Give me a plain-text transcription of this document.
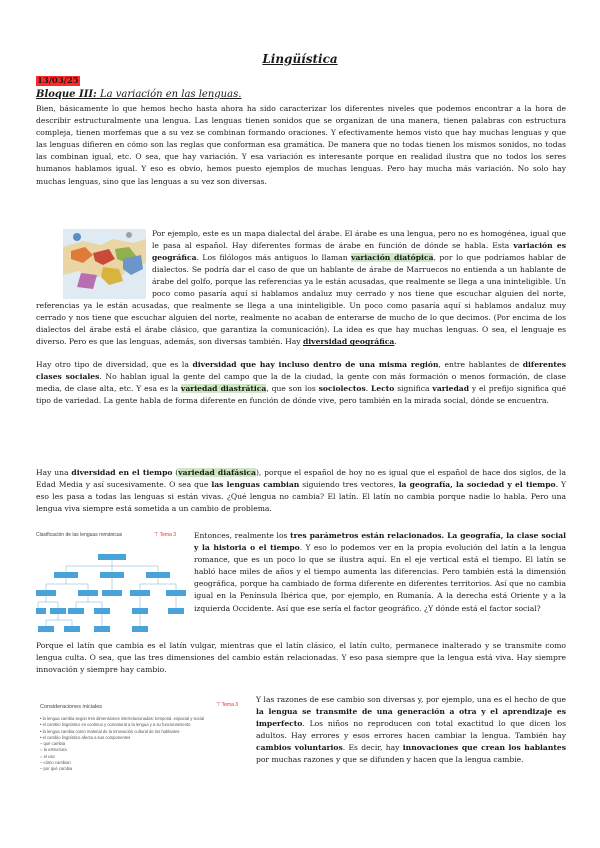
Lingüística
13/03/25
Bloque III: La variación en las lenguas.

Bien, básicamente lo que hemos hecho hasta ahora ha sido caracterizar los diferentes niveles que podemos encontrar a la hora de describir estructuralmente una lengua. Las lenguas tienen sonidos que se organizan de una manera, tienen palabras con estructura compleja, tienen morfemas que a su vez se combinan formando oraciones. Y efectivamente hemos visto que hay muchas lenguas y que las lenguas difieren en cómo son las reglas que conforman esa gramática. De manera que no todas tienen los mismos sonidos, no todas las combinan igual, etc. O sea, que hay variación. Y esa variación es interesante porque en realidad ilustra que no todos los seres humanos hablamos igual. Y eso es obvio, hemos puesto ejemplos de muchas lenguas. Pero hay mucha más variación. No solo hay muchas lenguas, sino que las lenguas a su vez son diversas.

Por ejemplo, este es un mapa dialectal del árabe. El árabe es una lengua, pero no es homogénea, igual que le pasa al español. Hay diferentes formas de árabe en función de dónde se habla. Esta variación es geográfica. Los filólogos más antiguos lo llaman variación diatópica, por lo que podríamos hablar de dialectos. Se podría dar el caso de que un hablante de árabe de Marruecos no entienda a un hablante de árabe del golfo, porque las referencias ya le están acusadas, que realmente se llega a una ininteligible. Un poco como pasaría aquí si hablamos andaluz muy cerrado y nos tiene que escuchar alguien del norte,

referencias ya le están acusadas, que realmente se llega a una ininteligible. Un poco como pasaría aquí si hablamos andaluz muy cerrado y nos tiene que escuchar alguien del norte, realmente no acaban de enterarse de mucho de lo que decimos. (Por encima de los dialectos del árabe está el árabe clásico, que garantiza la comunicación). La idea es que hay muchas lenguas. O sea, el lenguaje es diverso. Pero es que las lenguas, además, son diversas también. Hay diversidad geográfica.

Hay otro tipo de diversidad, que es la diversidad que hay incluso dentro de una misma región, entre hablantes de diferentes clases sociales. No hablan igual la gente del campo que la de la ciudad, la gente con más formación o menos formación, de clase media, de clase alta, etc. Y esa es la variedad diastrática, que son los sociolectos. Lecto significa variedad y el prefijo significa qué tipo de variedad. La gente habla de forma diferente en función de dónde vive, pero también en la mirada social, dónde se encuentra.

Hay una diversidad en el tiempo (variedad diafásica), porque el español de hoy no es igual que el español de hace dos siglos, de la Edad Media y así sucesivamente. O sea que las lenguas cambian siguiendo tres vectores, la geografía, la sociedad y el tiempo. Y eso les pasa a todas las lenguas si están vivas. ¿Qué lengua no cambia? El latín. El latín no cambia porque nadie lo habla. Pero una lengua viva siempre está sometida a un cambio de problema.

Clasificación de las lenguas románicas	⊤ Tema 3 Entonces, realmente los tres parámetros están relacionados. La geografía, la clase social y la historia o el tiempo. Y eso lo podemos ver en la propia evolución del latín a la lengua romance, que es un poco lo que se ilustra aquí. En el eje vertical está el tiempo. El latín se habló hace miles de años y el tiempo aumenta las diferencias. Pero también está la dimensión geográfica, porque ha cambiado de forma diferente en diferentes territorios. Así que no cambia igual en la Península Ibérica que, por ejemplo, en Rumanía. A la derecha está Oriente y a la izquierda Occidente. Así que ese sería el factor geográfico. ¿Y dónde está el factor social?

Porque el latín que cambia es el latín vulgar, mientras que el latín clásico, el latín culto, permanece inalterado y se transmite como lengua culta. O sea, que las tres dimensiones del cambio están relacionadas. Y eso pasa siempre que la lengua está viva. Hay siempre innovación y siempre hay cambio.

Consideraciones iniciales	⊤ Tema 3
• la lengua cambia según tres dimensiones interrelacionadas: temporal, espacial y social
• el cambio lingüístico es continuo y connatural a la lengua y a su funcionamiento
• la lengua cambia como material de la innovación cultural de los hablantes
• el cambio lingüístico afecta a sus componentes
– qué cambia
○ la estructura
○ el uso
– cómo cambian
– por qué cambia

Y las razones de ese cambio son diversas y, por ejemplo, una es el hecho de que la lengua se transmite de una generación a otra y el aprendizaje es imperfecto. Los niños no reproducen con total exactitud lo que dicen los adultos. Hay errores y esos errores hacen cambiar la lengua. También hay cambios voluntarios. Es decir, hay innovaciones que crean los hablantes por muchas razones y que se difunden y hacen que la lengua cambie.
